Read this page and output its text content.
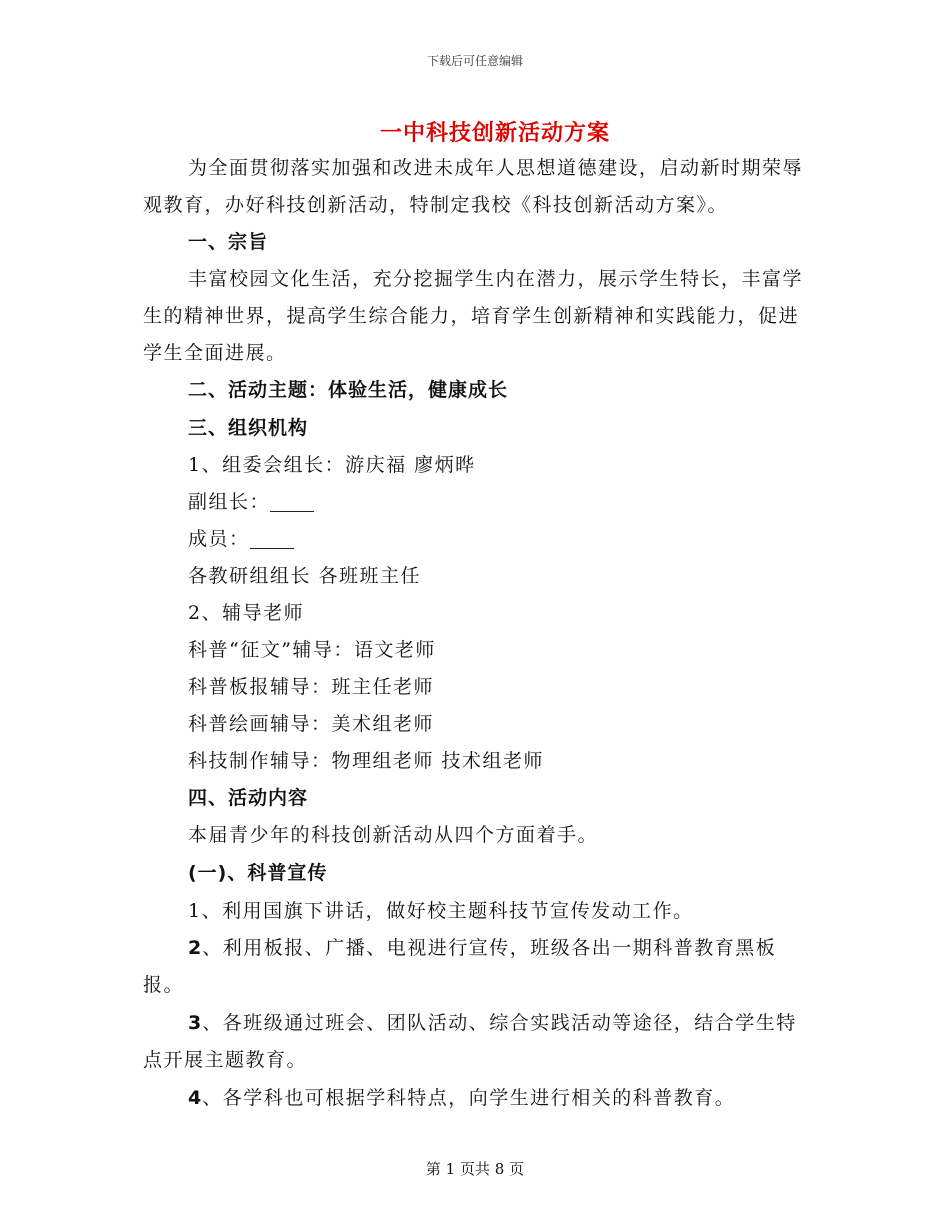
下载后可任意编辑
一中科技创新活动方案

为全面贯彻落实加强和改进未成年人思想道德建设，启动新时期荣辱观教育，办好科技创新活动，特制定我校《科技创新活动方案》。

一、宗旨

丰富校园文化生活，充分挖掘学生内在潜力，展示学生特长，丰富学生的精神世界，提高学生综合能力，培育学生创新精神和实践能力，促进学生全面进展。

二、活动主题：体验生活，健康成长
三、组织机构
1、组委会组长：游庆福 廖炳晔
副组长：
成员：
各教研组组长 各班班主任
2、辅导老师
科普“征文”辅导：语文老师
科普板报辅导：班主任老师
科普绘画辅导：美术组老师
科技制作辅导：物理组老师 技术组老师
四、活动内容
本届青少年的科技创新活动从四个方面着手。
(一)、科普宣传
1、利用国旗下讲话，做好校主题科技节宣传发动工作。

2、利用板报、广播、电视进行宣传，班级各出一期科普教育黑板报。

3、各班级通过班会、团队活动、综合实践活动等途径，结合学生特点开展主题教育。

4、各学科也可根据学科特点，向学生进行相关的科普教育。
第 1 页共 8 页
